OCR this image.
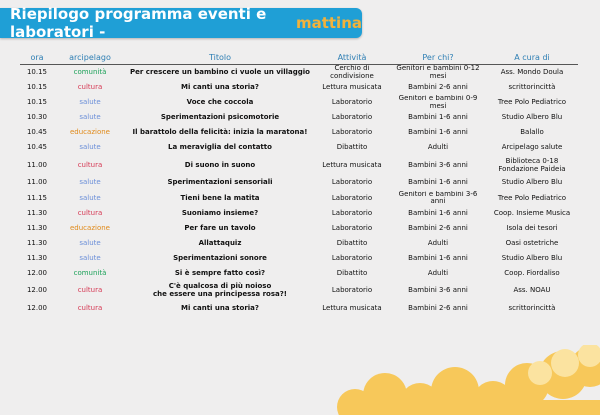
Riepilogo programma eventi e laboratori -	mattina
ora	arcipelago	Titolo	Attività	Per chi?	A cura di
10.15	comunità	Per crescere un bambino ci vuole un villaggio	Cerchio di condivisione	Genitori e bambini 0-12 mesi	Ass. Mondo Doula
10.15	cultura	Mi canti una storia?	Lettura musicata	Bambini 2-6 anni	scrittorincittà
10.15	salute	Voce che coccola	Laboratorio	Genitori e bambini 0-9 mesi	Tree Polo Pediatrico
10.30	salute	Sperimentazioni psicomotorie	Laboratorio	Bambini 1-6 anni	Studio Albero Blu
10.45	educazione	Il barattolo della felicità: inizia la maratona!	Laboratorio	Bambini 1-6 anni	Balallo
10.45	salute	La meraviglia del contatto	Dibattito	Adulti	Arcipelago salute
11.00	cultura	Di suono in suono	Lettura musicata	Bambini 3-6 anni	Biblioteca 0-18
Fondazione Paideia
11.00	salute	Sperimentazioni sensoriali	Laboratorio	Bambini 1-6 anni	Studio Albero Blu
11.15	salute	Tieni bene la matita	Laboratorio	Genitori e bambini 3-6 anni	Tree Polo Pediatrico
11.30	cultura	Suoniamo insieme?	Laboratorio	Bambini 1-6 anni	Coop. Insieme Musica
11.30	educazione	Per fare un tavolo	Laboratorio	Bambini 2-6 anni	Isola dei tesori
11.30	salute	Allattaquiz	Dibattito	Adulti	Oasi ostetriche
11.30	salute	Sperimentazioni sonore	Laboratorio	Bambini 1-6 anni	Studio Albero Blu
12.00	comunità	Si è sempre fatto così?	Dibattito	Adulti	Coop. Fiordaliso
12.00	cultura	C'è qualcosa di più noioso
che essere una principessa rosa?!	Laboratorio	Bambini 3-6 anni	Ass. NOAU
12.00	cultura	Mi canti una storia?	Lettura musicata	Bambini 2-6 anni	scrittorincittà
